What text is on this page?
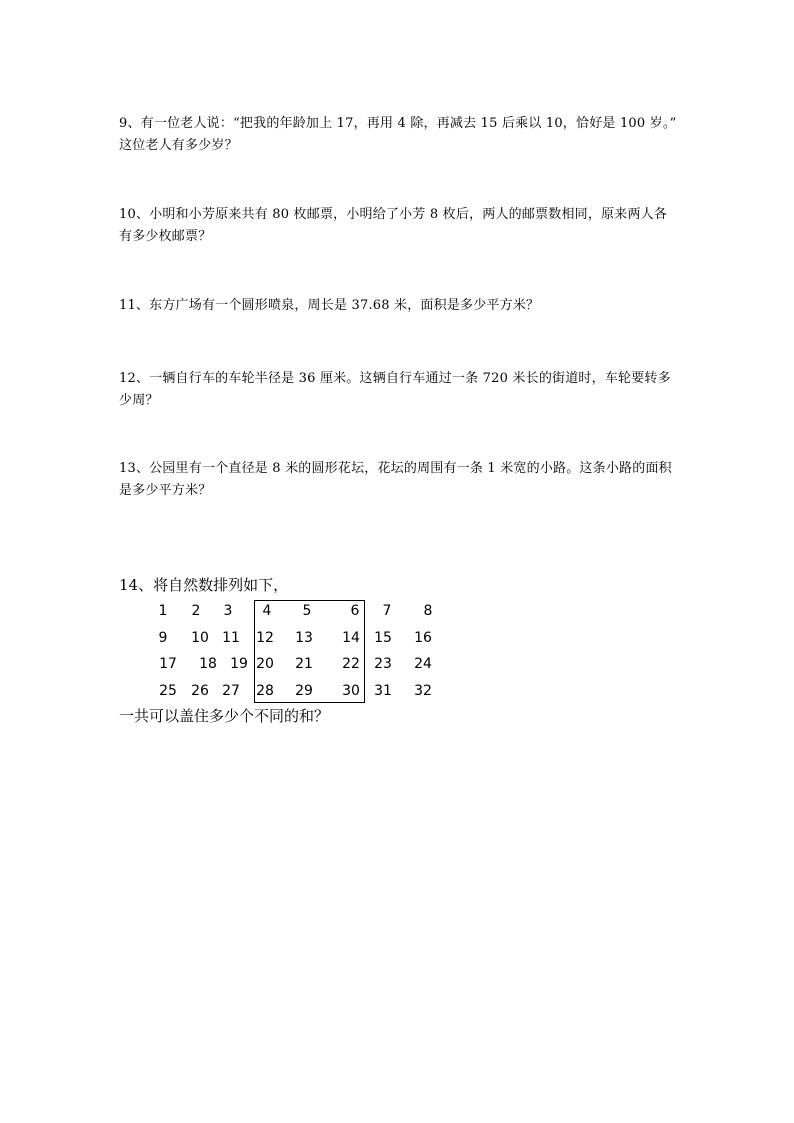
9、有一位老人说：“把我的年龄加上 17，再用 4 除，再减去 15 后乘以 10，恰好是 100 岁。” 这位老人有多少岁？

10、小明和小芳原来共有 80 枚邮票，小明给了小芳 8 枚后，两人的邮票数相同，原来两人各有多少枚邮票？

11、东方广场有一个圆形喷泉，周长是 37.68 米，面积是多少平方米？

12、一辆自行车的车轮半径是 36 厘米。这辆自行车通过一条 720 米长的街道时，车轮要转多少周？

13、公园里有一个直径是 8 米的圆形花坛，花坛的周围有一条 1 米宽的小路。这条小路的面积是多少平方米？

14、将自然数排列如下，
1	2	3	4	5	6	7	8
9	10 11	12	13	14	15	16
17	18 19 20	21	22	23	24
25	26 27	28	29	30	31	32
一共可以盖住多少个不同的和？
